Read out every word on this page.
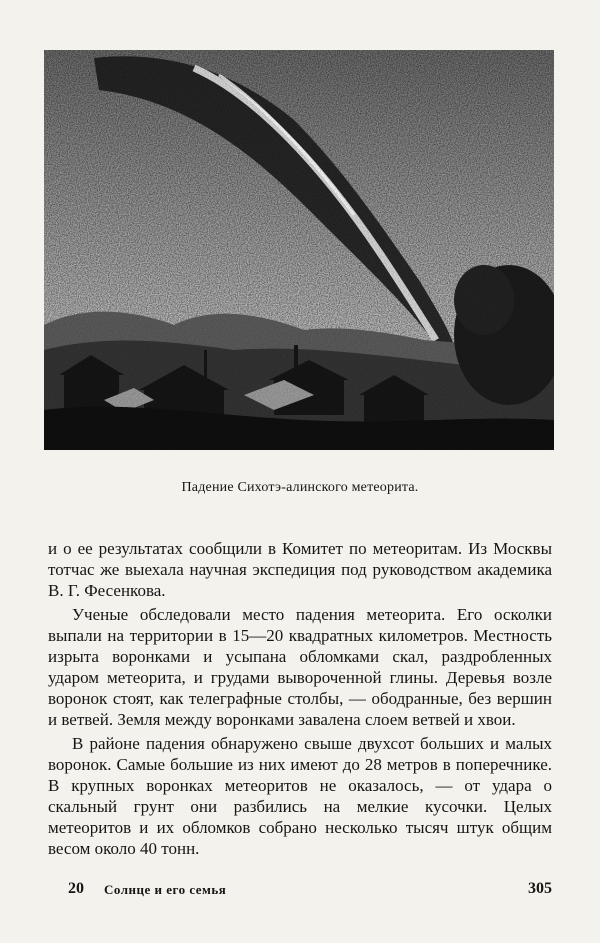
Падение Сихотэ-алинского метеорита.

и о ее результатах сообщили в Комитет по метеоритам. Из Москвы тотчас же выехала научная экспедиция под руководством академика В. Г. Фесенкова.

Ученые обследовали место падения метеорита. Его осколки выпали на территории в 15—20 квадратных километров. Местность изрыта воронками и усыпана обломками скал, раздробленных ударом метеорита, и грудами вывороченной глины. Деревья возле воронок стоят, как телеграфные столбы, — ободранные, без вершин и ветвей. Земля между воронками завалена слоем ветвей и хвои.

В районе падения обнаружено свыше двухсот больших и малых воронок. Самые большие из них имеют до 28 метров в поперечнике. В крупных воронках метеоритов не оказалось, — от удара о скальный грунт они разбились на мелкие кусочки. Целых метеоритов и их обломков собрано несколько тысяч штук общим весом около 40 тонн.

20 Солнце и его семья	305
